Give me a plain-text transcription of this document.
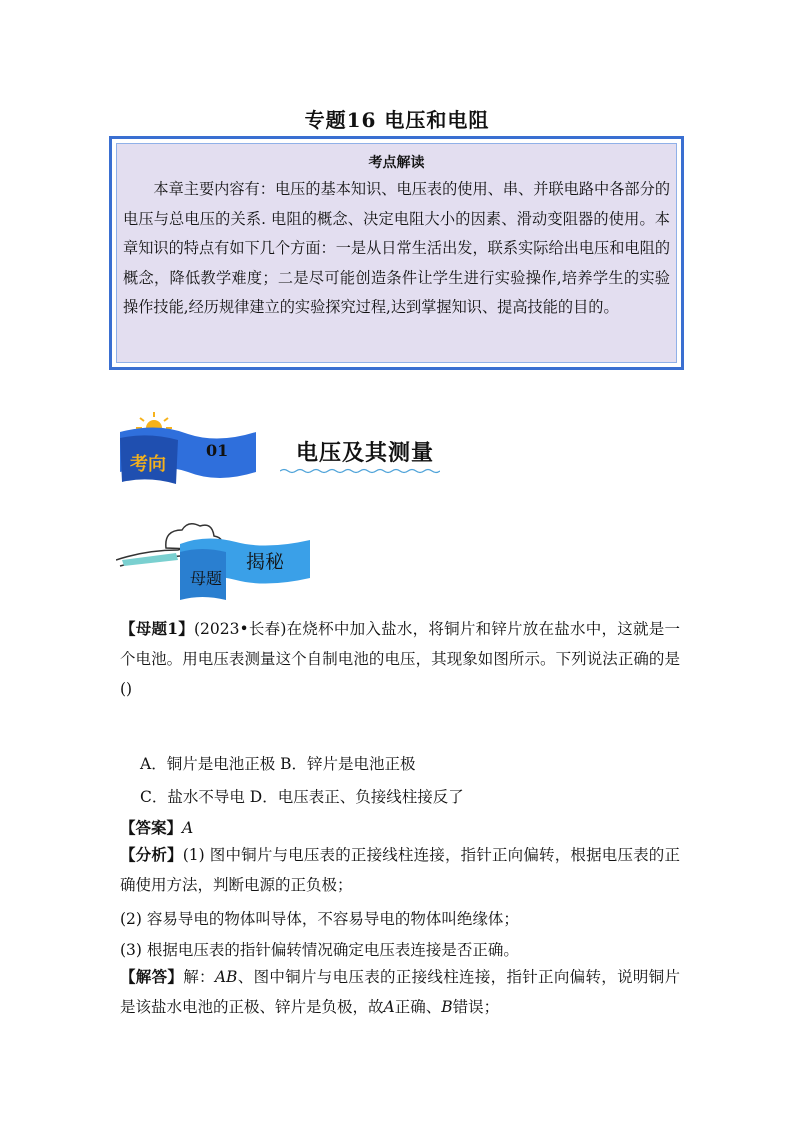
专题16 电压和电阻
考点解读
本章主要内容有：电压的基本知识、电压表的使用、串、并联电路中各部分的电压与总电压的关系. 电阻的概念、决定电阻大小的因素、滑动变阻器的使用。本章知识的特点有如下几个方面：一是从日常生活出发，联系实际给出电压和电阻的概念，降低教学难度；二是尽可能创造条件让学生进行实验操作,培养学生的实验操作技能,经历规律建立的实验探究过程,达到掌握知识、提高技能的目的。
考向
01	电压及其测量
母题
揭秘
【母题1】(2023•长春)在烧杯中加入盐水，将铜片和锌片放在盐水中，这就是一个电池。用电压表测量这个自制电池的电压，其现象如图所示。下列说法正确的是()
A．铜片是电池正极 B．锌片是电池正极
C．盐水不导电 D．电压表正、负接线柱接反了
【答案】A
【分析】(1) 图中铜片与电压表的正接线柱连接，指针正向偏转，根据电压表的正确使用方法，判断电源的正负极；
(2) 容易导电的物体叫导体，不容易导电的物体叫绝缘体；
(3) 根据电压表的指针偏转情况确定电压表连接是否正确。
【解答】解：AB、图中铜片与电压表的正接线柱连接，指针正向偏转，说明铜片是该盐水电池的正极、锌片是负极，故A正确、B错误；
